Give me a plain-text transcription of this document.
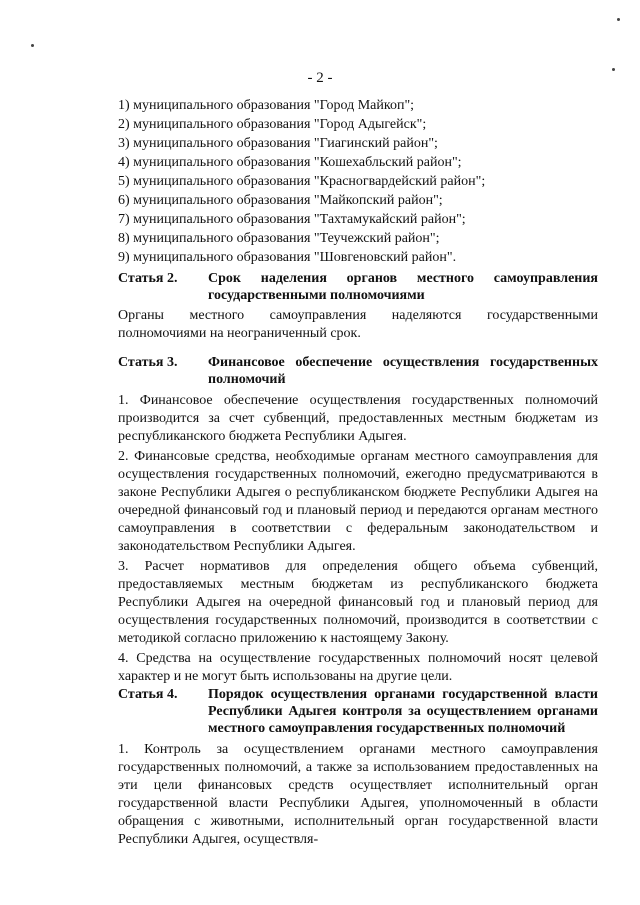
- 2 -
1) муниципального образования "Город Майкоп";
2) муниципального образования "Город Адыгейск";
3) муниципального образования "Гиагинский район";
4) муниципального образования "Кошехабльский район";
5) муниципального образования "Красногвардейский район";
6) муниципального образования "Майкопский район";
7) муниципального образования "Тахтамукайский район";
8) муниципального образования "Теучежский район";
9) муниципального образования "Шовгеновский район".
Статья 2.	Срок наделения органов местного самоуправления государственными полномочиями
Органы местного самоуправления наделяются государственными полномочиями на неограниченный срок.
Статья 3.	Финансовое обеспечение осуществления государственных полномочий
1. Финансовое обеспечение осуществления государственных полномочий производится за счет субвенций, предоставленных местным бюджетам из республиканского бюджета Республики Адыгея.
2. Финансовые средства, необходимые органам местного самоуправления для осуществления государственных полномочий, ежегодно предусматриваются в законе Республики Адыгея о республиканском бюджете Республики Адыгея на очередной финансовый год и плановый период и передаются органам местного самоуправления в соответствии с федеральным законодательством и законодательством Республики Адыгея.
3. Расчет нормативов для определения общего объема субвенций, предоставляемых местным бюджетам из республиканского бюджета Республики Адыгея на очередной финансовый год и плановый период для осуществления государственных полномочий, производится в соответствии с методикой согласно приложению к настоящему Закону.
4. Средства на осуществление государственных полномочий носят целевой характер и не могут быть использованы на другие цели.
Статья 4.	Порядок осуществления органами государственной власти Республики Адыгея контроля за осуществлением органами местного самоуправления государственных полномочий
1. Контроль за осуществлением органами местного самоуправления государственных полномочий, а также за использованием предоставленных на эти цели финансовых средств осуществляет исполнительный орган государственной власти Республики Адыгея, уполномоченный в области обращения с животными, исполнительный орган государственной власти Республики Адыгея, осуществля-
